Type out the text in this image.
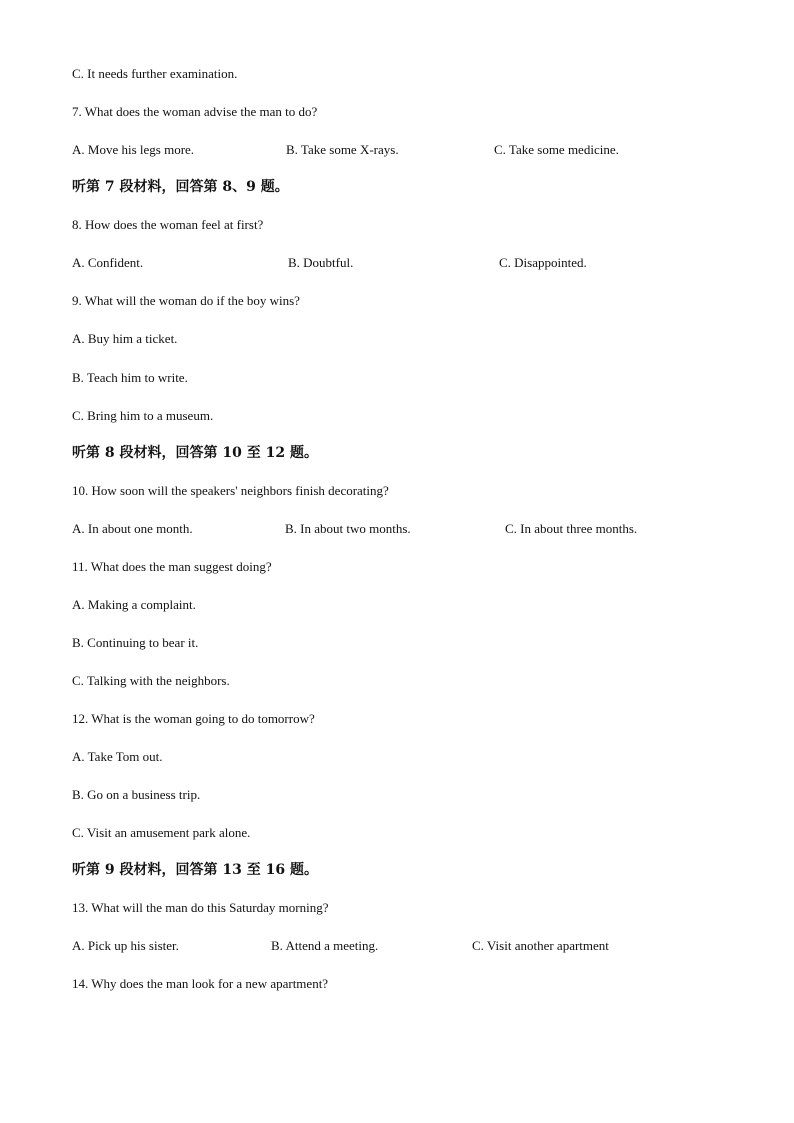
C. It needs further examination.
7. What does the woman advise the man to do?
A. Move his legs more.	B. Take some X-rays.	C. Take some medicine.
听第 7 段材料，回答第 8、9 题。
8. How does the woman feel at first?
A. Confident.	B. Doubtful.	C. Disappointed.
9. What will the woman do if the boy wins?
A. Buy him a ticket.
B. Teach him to write.
C. Bring him to a museum.
听第 8 段材料，回答第 10 至 12 题。
10. How soon will the speakers' neighbors finish decorating?
A. In about one month.	B. In about two months.	C. In about three months.
11. What does the man suggest doing?
A. Making a complaint.
B. Continuing to bear it.
C. Talking with the neighbors.
12. What is the woman going to do tomorrow?
A. Take Tom out.
B. Go on a business trip.
C. Visit an amusement park alone.
听第 9 段材料，回答第 13 至 16 题。
13. What will the man do this Saturday morning?
A. Pick up his sister.	B. Attend a meeting.	C. Visit another apartment
14. Why does the man look for a new apartment?
